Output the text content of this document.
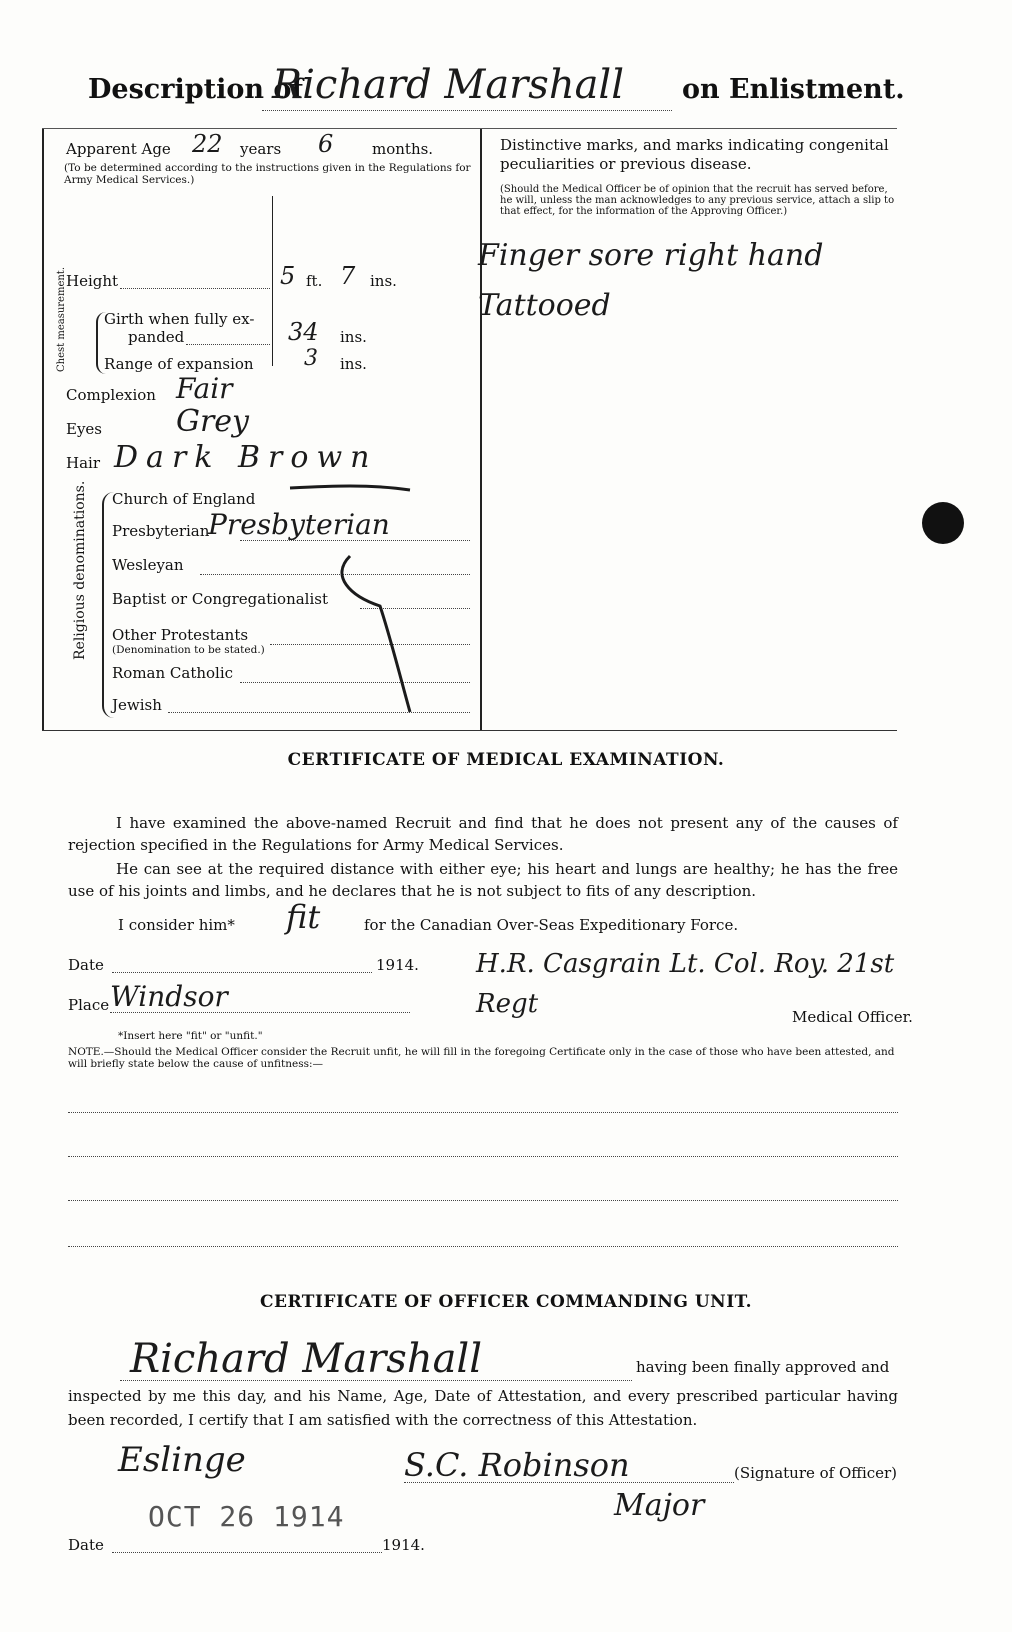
Description of
Richard Marshall on Enlistment.
Apparent Age 22 years 6	months.
(To be determined according to the instructions given in the Regulations for Army Medical Services.)
Height	5 ft. 7 ins.
Chest measurement. Girth when fully ex-
panded	34 ins.
Range of expansion 3 ins.
Complexion Fair
Eyes Grey
Hair Dark Brown
Religious denominations. Church of England
Presbyterian
Presbyterian
Wesleyan
Baptist or Congregationalist
Other Protestants
(Denomination to be stated.)
Roman Catholic
Jewish
Distinctive marks, and marks indicating congenital peculiarities or previous disease.
(Should the Medical Officer be of opinion that the recruit has served before, he will, unless the man acknowledges to any previous service, attach a slip to that effect, for the information of the Approving Officer.)
Finger sore right hand
Tattooed
CERTIFICATE OF MEDICAL EXAMINATION.
I have examined the above-named Recruit and find that he does not present any of the causes of rejection specified in the Regulations for Army Medical Services.
He can see at the required distance with either eye; his heart and lungs are healthy; he has the free use of his joints and limbs, and he declares that he is not subject to fits of any description.
I consider him* fit	for the Canadian Over-Seas Expeditionary Force.
Date	1914.
Place Windsor
H.R. Casgrain Lt. Col. Roy. 21st Regt	Medical Officer.
*Insert here "fit" or "unfit."
NOTE.—Should the Medical Officer consider the Recruit unfit, he will fill in the foregoing Certificate only in the case of those who have been attested, and will briefly state below the cause of unfitness:—
CERTIFICATE OF OFFICER COMMANDING UNIT.
Richard Marshall	having been finally approved and
inspected by me this day, and his Name, Age, Date of Attestation, and every prescribed particular having been recorded, I certify that I am satisfied with the correctness of this Attestation.
Eslinge	S.C. Robinson	(Signature of Officer)
Major
Date
OCT 26 1914
1914.
